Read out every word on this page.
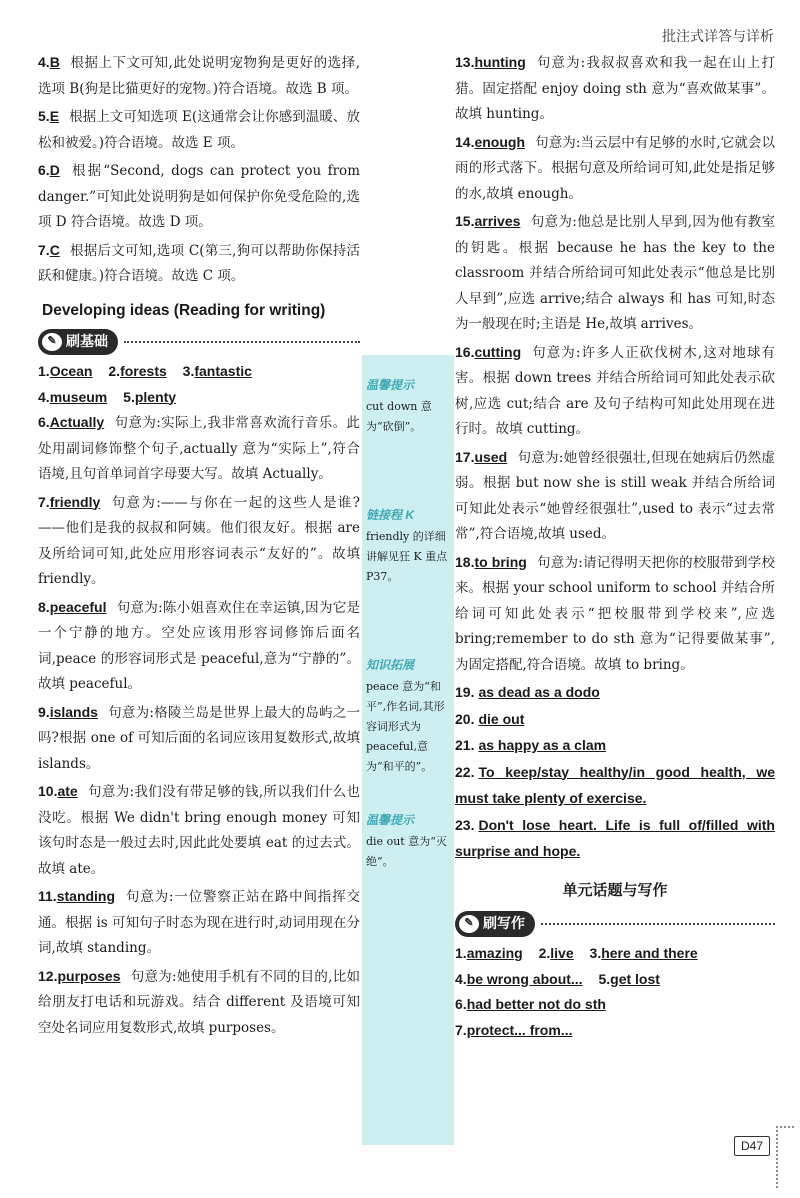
批注式详答与详析
4.B 根据上下文可知,此处说明宠物狗是更好的选择,选项 B(狗是比猫更好的宠物。)符合语境。故选 B 项。
5.E 根据上文可知选项 E(这通常会让你感到温暖、放松和被爱。)符合语境。故选 E 项。
6.D 根据“Second, dogs can protect you from danger.”可知此处说明狗是如何保护你免受危险的,选项 D 符合语境。故选 D 项。
7.C 根据后文可知,选项 C(第三,狗可以帮助你保持活跃和健康。)符合语境。故选 C 项。
Developing ideas (Reading for writing)
✎ 刷基础
1.Ocean 2.forests 3.fantastic
4.museum 5.plenty
6.Actually 句意为:实际上,我非常喜欢流行音乐。此处用副词修饰整个句子,actually 意为“实际上”,符合语境,且句首单词首字母要大写。故填 Actually。
7.friendly 句意为:——与你在一起的这些人是谁?——他们是我的叔叔和阿姨。他们很友好。根据 are 及所给词可知,此处应用形容词表示“友好的”。故填 friendly。
8.peaceful 句意为:陈小姐喜欢住在幸运镇,因为它是一个宁静的地方。空处应该用形容词修饰后面名词,peace 的形容词形式是 peaceful,意为“宁静的”。故填 peaceful。
9.islands 句意为:格陵兰岛是世界上最大的岛屿之一吗?根据 one of 可知后面的名词应该用复数形式,故填 islands。
10.ate 句意为:我们没有带足够的钱,所以我们什么也没吃。根据 We didn't bring enough money 可知该句时态是一般过去时,因此此处要填 eat 的过去式。故填 ate。
11.standing 句意为:一位警察正站在路中间指挥交通。根据 is 可知句子时态为现在进行时,动词用现在分词,故填 standing。
12.purposes 句意为:她使用手机有不同的目的,比如给朋友打电话和玩游戏。结合 different 及语境可知空处名词应用复数形式,故填 purposes。
温馨提示
cut down 意为“砍倒”。
链接程 K
friendly 的详细讲解见狂 K 重点 P37。
知识拓展
peace 意为“和平”,作名词,其形容词形式为 peaceful,意为“和平的”。
温馨提示
die out 意为“灭绝”。
13.hunting 句意为:我叔叔喜欢和我一起在山上打猎。固定搭配 enjoy doing sth 意为“喜欢做某事”。故填 hunting。
14.enough 句意为:当云层中有足够的水时,它就会以雨的形式落下。根据句意及所给词可知,此处是指足够的水,故填 enough。
15.arrives 句意为:他总是比别人早到,因为他有教室的钥匙。根据 because he has the key to the classroom 并结合所给词可知此处表示“他总是比别人早到”,应选 arrive;结合 always 和 has 可知,时态为一般现在时;主语是 He,故填 arrives。
16.cutting 句意为:许多人正砍伐树木,这对地球有害。根据 down trees 并结合所给词可知此处表示砍树,应选 cut;结合 are 及句子结构可知此处用现在进行时。故填 cutting。
17.used 句意为:她曾经很强壮,但现在她病后仍然虚弱。根据 but now she is still weak 并结合所给词可知此处表示“她曾经很强壮”,used to 表示“过去常常”,符合语境,故填 used。
18.to bring 句意为:请记得明天把你的校服带到学校来。根据 your school uniform to school 并结合所给词可知此处表示“把校服带到学校来”,应选 bring;remember to do sth 意为“记得要做某事”,为固定搭配,符合语境。故填 to bring。
19. as dead as a dodo
20. die out
21. as happy as a clam
22. To keep/stay healthy/in good health, we must take plenty of exercise.
23. Don't lose heart. Life is full of/filled with surprise and hope.
单元话题与写作
✎ 刷写作
1.amazing 2.live 3.here and there
4.be wrong about... 5.get lost
6.had better not do sth
7.protect... from...
D47
